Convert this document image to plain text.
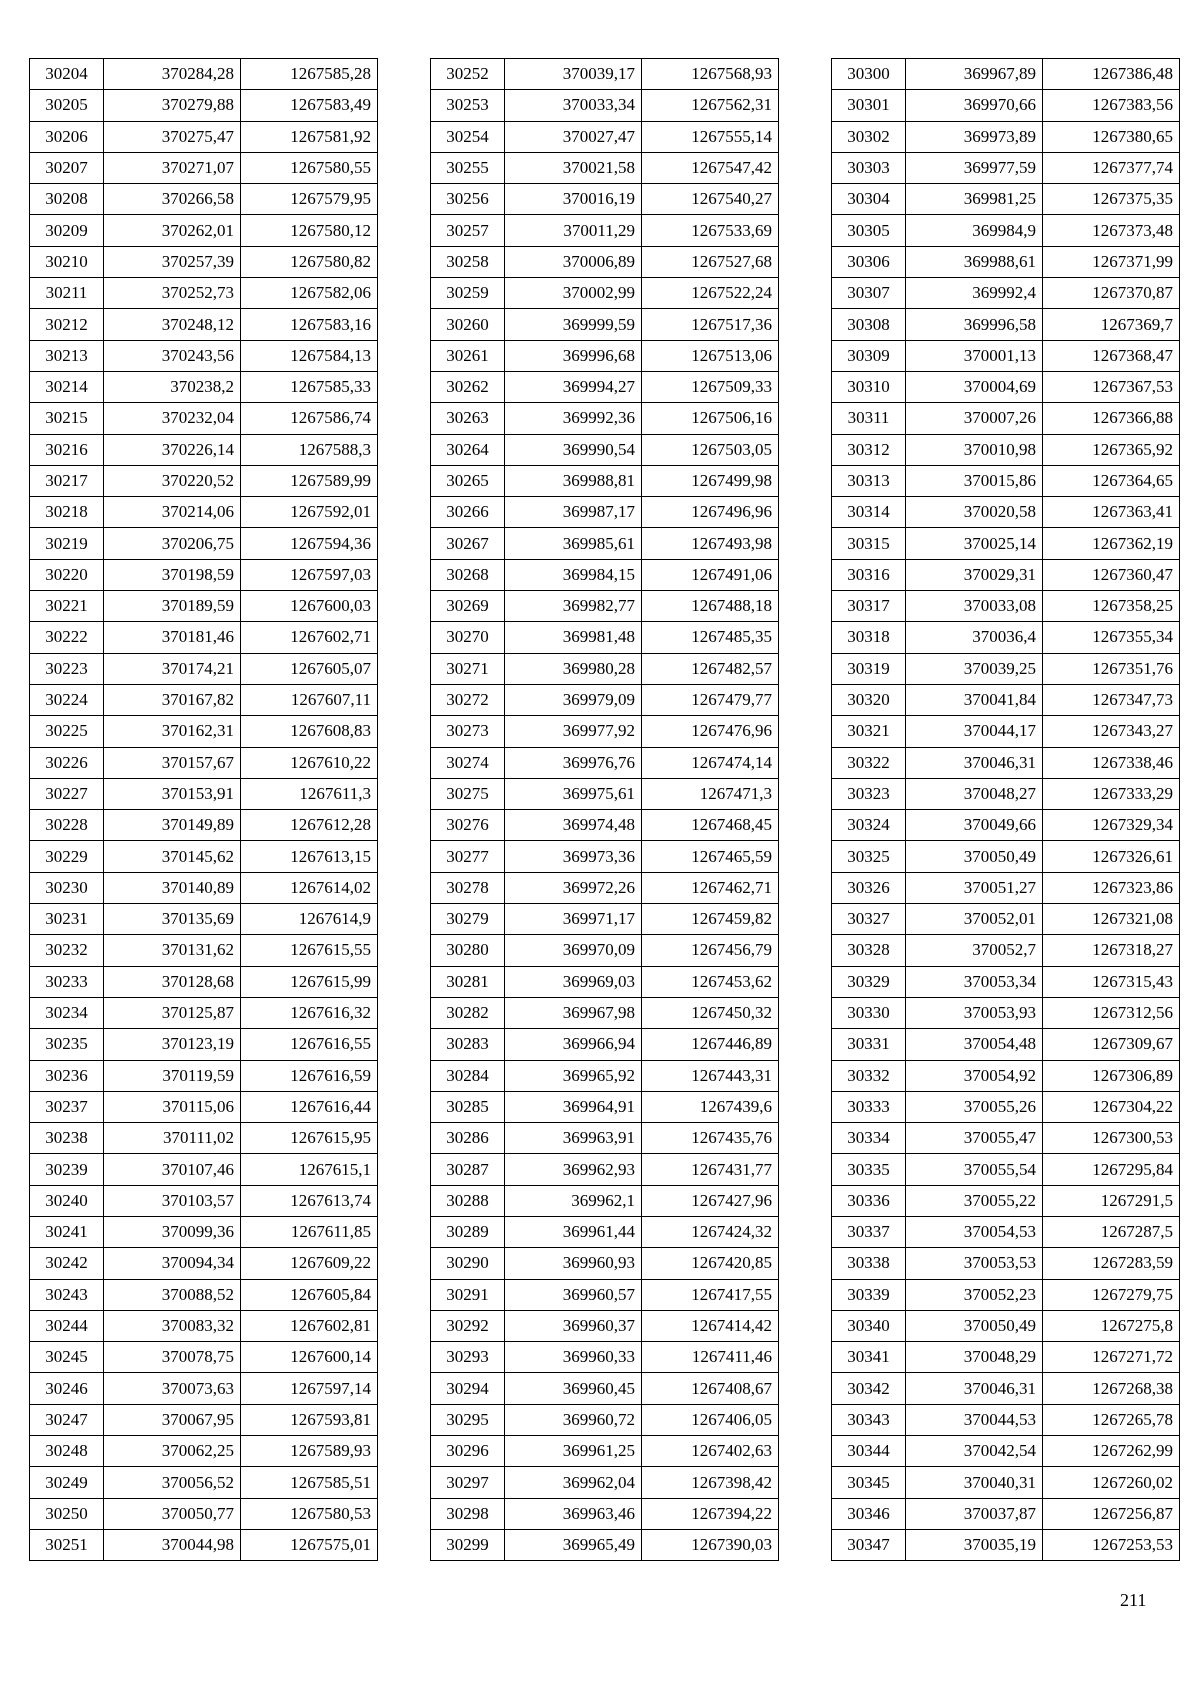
30204	370284,28	1267585,28
30205	370279,88	1267583,49
30206	370275,47	1267581,92
30207	370271,07	1267580,55
30208	370266,58	1267579,95
30209	370262,01	1267580,12
30210	370257,39	1267580,82
30211	370252,73	1267582,06
30212	370248,12	1267583,16
30213	370243,56	1267584,13
30214	370238,2	1267585,33
30215	370232,04	1267586,74
30216	370226,14	1267588,3
30217	370220,52	1267589,99
30218	370214,06	1267592,01
30219	370206,75	1267594,36
30220	370198,59	1267597,03
30221	370189,59	1267600,03
30222	370181,46	1267602,71
30223	370174,21	1267605,07
30224	370167,82	1267607,11
30225	370162,31	1267608,83
30226	370157,67	1267610,22
30227	370153,91	1267611,3
30228	370149,89	1267612,28
30229	370145,62	1267613,15
30230	370140,89	1267614,02
30231	370135,69	1267614,9
30232	370131,62	1267615,55
30233	370128,68	1267615,99
30234	370125,87	1267616,32
30235	370123,19	1267616,55
30236	370119,59	1267616,59
30237	370115,06	1267616,44
30238	370111,02	1267615,95
30239	370107,46	1267615,1
30240	370103,57	1267613,74
30241	370099,36	1267611,85
30242	370094,34	1267609,22
30243	370088,52	1267605,84
30244	370083,32	1267602,81
30245	370078,75	1267600,14
30246	370073,63	1267597,14
30247	370067,95	1267593,81
30248	370062,25	1267589,93
30249	370056,52	1267585,51
30250	370050,77	1267580,53
30251	370044,98	1267575,01
30252	370039,17	1267568,93
30253	370033,34	1267562,31
30254	370027,47	1267555,14
30255	370021,58	1267547,42
30256	370016,19	1267540,27
30257	370011,29	1267533,69
30258	370006,89	1267527,68
30259	370002,99	1267522,24
30260	369999,59	1267517,36
30261	369996,68	1267513,06
30262	369994,27	1267509,33
30263	369992,36	1267506,16
30264	369990,54	1267503,05
30265	369988,81	1267499,98
30266	369987,17	1267496,96
30267	369985,61	1267493,98
30268	369984,15	1267491,06
30269	369982,77	1267488,18
30270	369981,48	1267485,35
30271	369980,28	1267482,57
30272	369979,09	1267479,77
30273	369977,92	1267476,96
30274	369976,76	1267474,14
30275	369975,61	1267471,3
30276	369974,48	1267468,45
30277	369973,36	1267465,59
30278	369972,26	1267462,71
30279	369971,17	1267459,82
30280	369970,09	1267456,79
30281	369969,03	1267453,62
30282	369967,98	1267450,32
30283	369966,94	1267446,89
30284	369965,92	1267443,31
30285	369964,91	1267439,6
30286	369963,91	1267435,76
30287	369962,93	1267431,77
30288	369962,1	1267427,96
30289	369961,44	1267424,32
30290	369960,93	1267420,85
30291	369960,57	1267417,55
30292	369960,37	1267414,42
30293	369960,33	1267411,46
30294	369960,45	1267408,67
30295	369960,72	1267406,05
30296	369961,25	1267402,63
30297	369962,04	1267398,42
30298	369963,46	1267394,22
30299	369965,49	1267390,03
30300	369967,89	1267386,48
30301	369970,66	1267383,56
30302	369973,89	1267380,65
30303	369977,59	1267377,74
30304	369981,25	1267375,35
30305	369984,9	1267373,48
30306	369988,61	1267371,99
30307	369992,4	1267370,87
30308	369996,58	1267369,7
30309	370001,13	1267368,47
30310	370004,69	1267367,53
30311	370007,26	1267366,88
30312	370010,98	1267365,92
30313	370015,86	1267364,65
30314	370020,58	1267363,41
30315	370025,14	1267362,19
30316	370029,31	1267360,47
30317	370033,08	1267358,25
30318	370036,4	1267355,34
30319	370039,25	1267351,76
30320	370041,84	1267347,73
30321	370044,17	1267343,27
30322	370046,31	1267338,46
30323	370048,27	1267333,29
30324	370049,66	1267329,34
30325	370050,49	1267326,61
30326	370051,27	1267323,86
30327	370052,01	1267321,08
30328	370052,7	1267318,27
30329	370053,34	1267315,43
30330	370053,93	1267312,56
30331	370054,48	1267309,67
30332	370054,92	1267306,89
30333	370055,26	1267304,22
30334	370055,47	1267300,53
30335	370055,54	1267295,84
30336	370055,22	1267291,5
30337	370054,53	1267287,5
30338	370053,53	1267283,59
30339	370052,23	1267279,75
30340	370050,49	1267275,8
30341	370048,29	1267271,72
30342	370046,31	1267268,38
30343	370044,53	1267265,78
30344	370042,54	1267262,99
30345	370040,31	1267260,02
30346	370037,87	1267256,87
30347	370035,19	1267253,53
211
